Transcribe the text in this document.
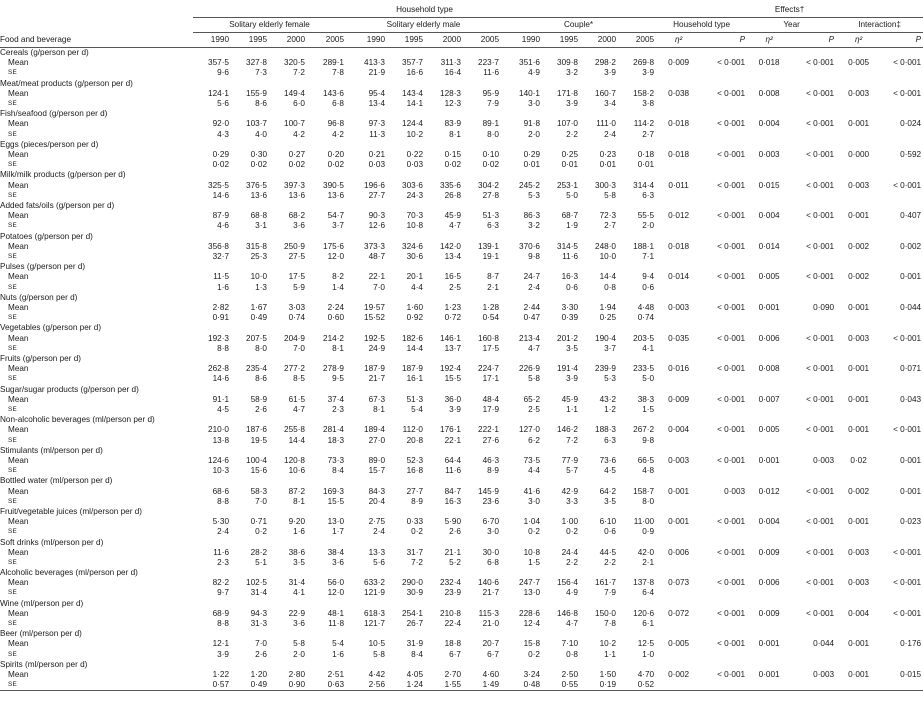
	Household type												Effects†					
	Solitary elderly female				Solitary elderly male				Couple*				Household type		Year		Interaction‡	
Food and beverage	1990	1995	2000	2005	1990	1995	2000	2005	1990	1995	2000	2005	η²	P	η²	P	η²	P
Cereals (g/person per d)																		
Mean	357·5	327·8	320·5	289·1	413·3	357·7	311·3	223·7	351·6	309·8	298·2	269·8	0·009	< 0·001	0·018	< 0·001	0·005	< 0·001
SE	9·6	7·3	7·2	7·8	21·9	16·6	16·4	11·6	4·9	3·2	3·9	3·9						
Meat/meat products (g/person per d)																		
Mean	124·1	155·9	149·4	143·6	95·4	143·4	128·3	95·9	140·1	171·8	160·7	158·2	0·038	< 0·001	0·008	< 0·001	0·003	< 0·001
SE	5·6	8·6	6·0	6·8	13·4	14·1	12·3	7·9	3·0	3·9	3·4	3·8						
Fish/seafood (g/person per d)																		
Mean	92·0	103·7	100·7	96·8	97·3	124·4	83·9	89·1	91·8	107·0	111·0	114·2	0·018	< 0·001	0·004	< 0·001	0·001	0·024
SE	4·3	4·0	4·2	4·2	11·3	10·2	8·1	8·0	2·0	2·2	2·4	2·7						
Eggs (pieces/person per d)																		
Mean	0·29	0·30	0·27	0·20	0·21	0·22	0·15	0·10	0·29	0·25	0·23	0·18	0·018	< 0·001	0·003	< 0·001	0·000	0·592
SE	0·02	0·02	0·02	0·02	0·03	0·03	0·02	0·02	0·01	0·01	0·01	0·01						
Milk/milk products (g/person per d)																		
Mean	325·5	376·5	397·3	390·5	196·6	303·6	335·6	304·2	245·2	253·1	300·3	314·4	0·011	< 0·001	0·015	< 0·001	0·003	< 0·001
SE	14·6	13·6	13·6	13·6	27·7	24·3	26·8	27·8	5·3	5·0	5·8	6·3						
Added fats/oils (g/person per d)																		
Mean	87·9	68·8	68·2	54·7	90·3	70·3	45·9	51·3	86·3	68·7	72·3	55·5	0·012	< 0·001	0·004	< 0·001	0·001	0·407
SE	4·6	3·1	3·6	3·7	12·6	10·8	4·7	6·3	3·2	1·9	2·7	2·0						
Potatoes (g/person per d)																		
Mean	356·8	315·8	250·9	175·6	373·3	324·6	142·0	139·1	370·6	314·5	248·0	188·1	0·018	< 0·001	0·014	< 0·001	0·002	0·002
SE	32·7	25·3	27·5	12·0	48·7	30·6	13·4	19·1	9·8	11·6	10·0	7·1						
Pulses (g/person per d)																		
Mean	11·5	10·0	17·5	8·2	22·1	20·1	16·5	8·7	24·7	16·3	14·4	9·4	0·014	< 0·001	0·005	< 0·001	0·002	0·001
SE	1·6	1·3	5·9	1·4	7·0	4·4	2·5	2·1	2·4	0·6	0·8	0·6						
Nuts (g/person per d)																		
Mean	2·82	1·67	3·03	2·24	19·57	1·60	1·23	1·28	2·44	3·30	1·94	4·48	0·003	< 0·001	0·001	0·090	0·001	0·044
SE	0·91	0·49	0·74	0·60	15·52	0·92	0·72	0·54	0·47	0·39	0·25	0·74						
Vegetables (g/person per d)																		
Mean	192·3	207·5	204·9	214·2	192·5	182·6	146·1	160·8	213·4	201·2	190·4	203·5	0·035	< 0·001	0·006	< 0·001	0·003	< 0·001
SE	8·8	8·0	7·0	8·1	24·9	14·4	13·7	17·5	4·7	3·5	3·7	4·1						
Fruits (g/person per d)																		
Mean	262·8	235·4	277·2	278·9	187·9	187·9	192·4	224·7	226·9	191·4	239·9	233·5	0·016	< 0·001	0·008	< 0·001	0·001	0·071
SE	14·6	8·6	8·5	9·5	21·7	16·1	15·5	17·1	5·8	3·9	5·3	5·0						
Sugar/sugar products (g/person per d)																		
Mean	91·1	58·9	61·5	37·4	67·3	51·3	36·0	48·4	65·2	45·9	43·2	38·3	0·009	< 0·001	0·007	< 0·001	0·001	0·043
SE	4·5	2·6	4·7	2·3	8·1	5·4	3·9	17·9	2·5	1·1	1·2	1·5						
Non-alcoholic beverages (ml/person per d)																		
Mean	210·0	187·6	255·8	281·4	189·4	112·0	176·1	222·1	127·0	146·2	188·3	267·2	0·004	< 0·001	0·005	< 0·001	0·001	< 0·001
SE	13·8	19·5	14·4	18·3	27·0	20·8	22·1	27·6	6·2	7·2	6·3	9·8						
Stimulants (ml/person per d)																		
Mean	124·6	100·4	120·8	73·3	89·0	52·3	64·4	46·3	73·5	77·9	73·6	66·5	0·003	< 0·001	0·001	0·003	0·02	0·001
SE	10·3	15·6	10·6	8·4	15·7	16·8	11·6	8·9	4·4	5·7	4·5	4·8						
Bottled water (ml/person per d)																		
Mean	68·6	58·3	87·2	169·3	84·3	27·7	84·7	145·9	41·6	42·9	64·2	158·7	0·001	0·003	0·012	< 0·001	0·002	0·001
SE	8·8	7·0	8·1	15·5	20·4	8·9	16·3	23·6	3·0	3·3	3·5	8·0						
Fruit/vegetable juices (ml/person per d)																		
Mean	5·30	0·71	9·20	13·0	2·75	0·33	5·90	6·70	1·04	1·00	6·10	11·00	0·001	< 0·001	0·004	< 0·001	0·001	0·023
SE	2·4	0·2	1·6	1·7	2·4	0·2	2·6	3·0	0·2	0·2	0·6	0·9						
Soft drinks (ml/person per d)																		
Mean	11·6	28·2	38·6	38·4	13·3	31·7	21·1	30·0	10·8	24·4	44·5	42·0	0·006	< 0·001	0·009	< 0·001	0·003	< 0·001
SE	2·3	5·1	3·5	3·6	5·6	7·2	5·2	6·8	1·5	2·2	2·2	2·1						
Alcoholic beverages (ml/person per d)																		
Mean	82·2	102·5	31·4	56·0	633·2	290·0	232·4	140·6	247·7	156·4	161·7	137·8	0·073	< 0·001	0·006	< 0·001	0·003	< 0·001
SE	9·7	31·4	4·1	12·0	121·9	30·9	23·9	21·7	13·0	4·9	7·9	6·4						
Wine (ml/person per d)																		
Mean	68·9	94·3	22·9	48·1	618·3	254·1	210·8	115·3	228·6	146·8	150·0	120·6	0·072	< 0·001	0·009	< 0·001	0·004	< 0·001
SE	8·8	31·3	3·6	11·8	121·7	26·7	22·4	21·0	12·4	4·7	7·8	6·1						
Beer (ml/person per d)																		
Mean	12·1	7·0	5·8	5·4	10·5	31·9	18·8	20·7	15·8	7·10	10·2	12·5	0·005	< 0·001	0·001	0·044	0·001	0·176
SE	3·9	2·6	2·0	1·6	5·8	8·4	6·7	6·7	0·2	0·8	1·1	1·0						
Spirits (ml/person per d)																		
Mean	1·22	1·20	2·80	2·51	4·42	4·05	2·70	4·60	3·24	2·50	1·50	4·70	0·002	< 0·001	0·001	0·003	0·001	0·015
SE	0·57	0·49	0·90	0·63	2·56	1·24	1·55	1·49	0·48	0·55	0·19	0·52						
